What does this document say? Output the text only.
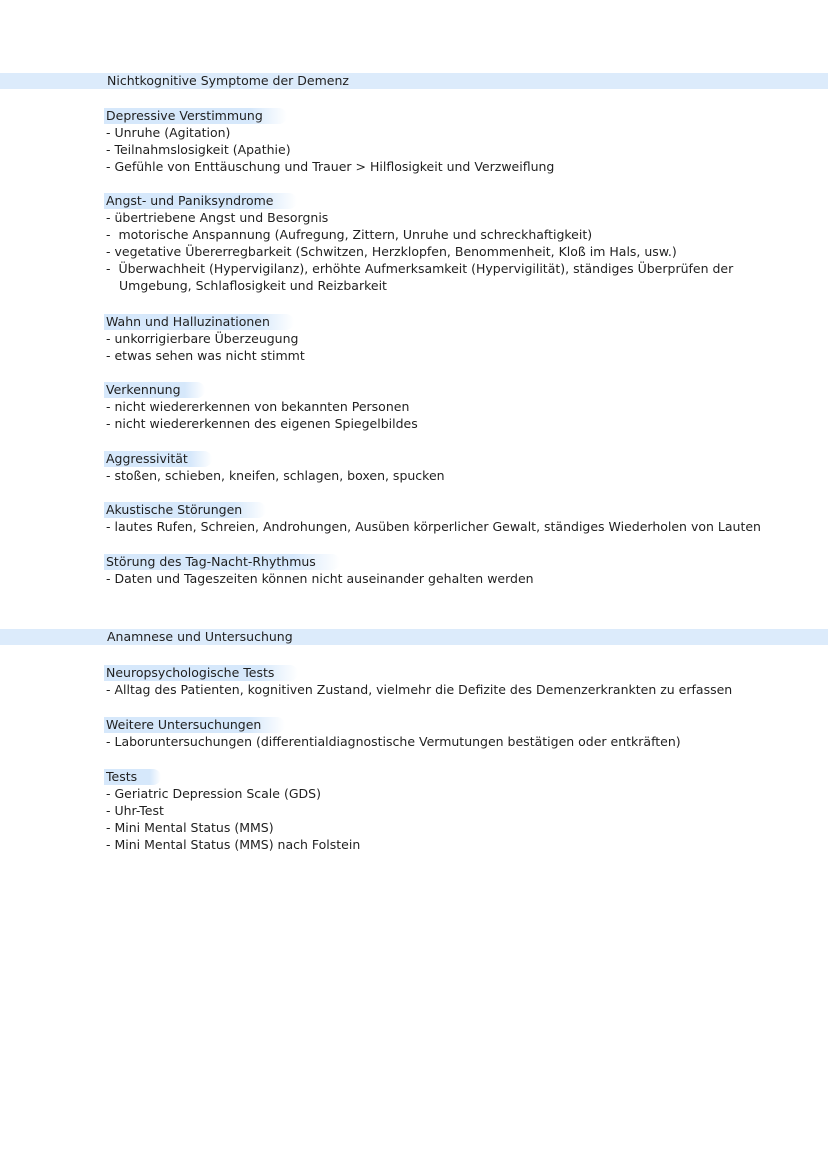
Nichtkognitive Symptome der Demenz
Depressive Verstimmung
- Unruhe (Agitation)
- Teilnahmslosigkeit (Apathie)
- Gefühle von Enttäuschung und Trauer > Hilflosigkeit und Verzweiflung
Angst- und Paniksyndrome
- übertriebene Angst und Besorgnis
-  motorische Anspannung (Aufregung, Zittern, Unruhe und schreckhaftigkeit)
- vegetative Übererregbarkeit (Schwitzen, Herzklopfen, Benommenheit, Kloß im Hals, usw.)
-  Überwachheit (Hypervigilanz), erhöhte Aufmerksamkeit (Hypervigilität), ständiges Überprüfen der Umgebung, Schlaflosigkeit und Reizbarkeit
Wahn und Halluzinationen
- unkorrigierbare Überzeugung
- etwas sehen was nicht stimmt
Verkennung
- nicht wiedererkennen von bekannten Personen
- nicht wiedererkennen des eigenen Spiegelbildes
Aggressivität
- stoßen, schieben, kneifen, schlagen, boxen, spucken
Akustische Störungen
- lautes Rufen, Schreien, Androhungen, Ausüben körperlicher Gewalt, ständiges Wiederholen von Lauten
Störung des Tag-Nacht-Rhythmus
- Daten und Tageszeiten können nicht auseinander gehalten werden
Anamnese und Untersuchung
Neuropsychologische Tests
- Alltag des Patienten, kognitiven Zustand, vielmehr die Defizite des Demenzerkrankten zu erfassen
Weitere Untersuchungen
- Laboruntersuchungen (differentialdiagnostische Vermutungen bestätigen oder entkräften)
Tests
- Geriatric Depression Scale (GDS)
- Uhr-Test
- Mini Mental Status (MMS)
- Mini Mental Status (MMS) nach Folstein
